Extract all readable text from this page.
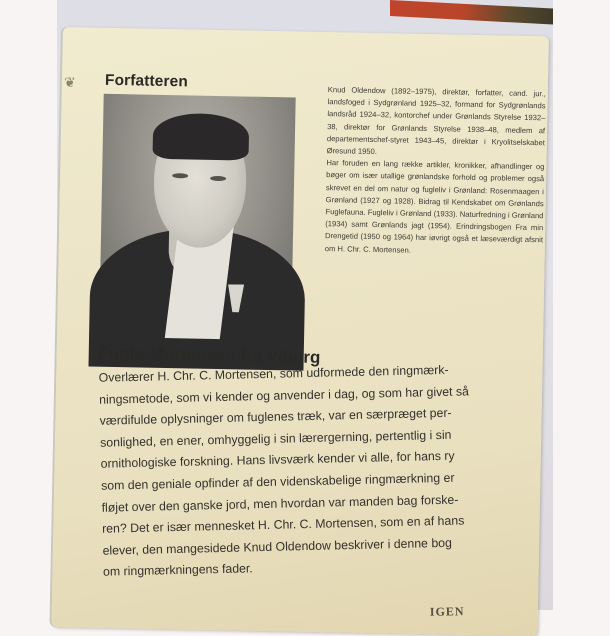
❦ Forfatteren

Knud Oldendow (1892–1975), direktør, forfatter, cand. jur., landsfoged i Sydgrønland 1925–32, formand for Sydgrønlands landsråd 1924–32, kontorchef under Grønlands Styrelse 1932–38, direktør for Grønlands Styrelse 1938–48, medlem af departementschef-styret 1943–45, direktør i Kryolitselskabet Øresund 1950.

Har foruden en lang række artikler, kronikker, afhandlinger og bøger om især utallige grønlandske forhold og problemer også skrevet en del om natur og fugleliv i Grønland: Rosenmaagen i Grønland (1927 og 1928). Bidrag til Kendskabet om Grønlands Fuglefauna. Fugleliv i Grønland (1933). Naturfredning i Grønland (1934) samt Grønlands jagt (1954). Erindringsbogen Fra min Drengetid (1950 og 1964) har iøvrigt også et læseværdigt afsnit om H. Chr. C. Mortensen.

Fugle-Mortensen fra Viborg
Overlærer H. Chr. C. Mortensen, som udformede den ringmærk-
ningsmetode, som vi kender og anvender i dag, og som har givet så
værdifulde oplysninger om fuglenes træk, var en særpræget per-
sonlighed, en ener, omhyggelig i sin lærergerning, pertentlig i sin
ornithologiske forskning. Hans livsværk kender vi alle, for hans ry
som den geniale opfinder af den videnskabelige ringmærkning er
fløjet over den ganske jord, men hvordan var manden bag forske-
ren? Det er især mennesket H. Chr. C. Mortensen, som en af hans
elever, den mangesidede Knud Oldendow beskriver i denne bog
om ringmærkningens fader.
IGEN
